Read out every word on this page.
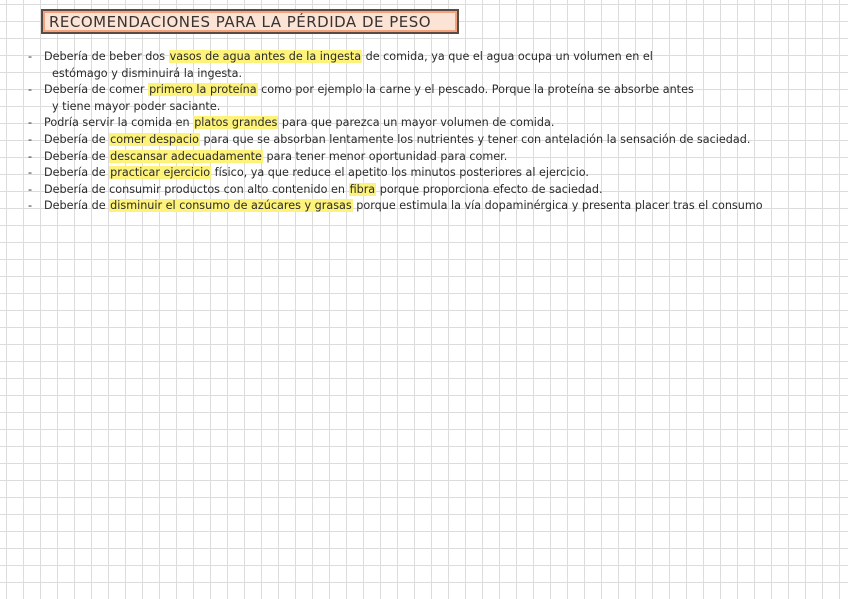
RECOMENDACIONES PARA LA PÉRDIDA DE PESO
-	Debería de beber dos vasos de agua antes de la ingesta de comida, ya que el agua ocupa un volumen en el
estómago y disminuirá la ingesta.
-	Debería de comer primero la proteína como por ejemplo la carne y el pescado. Porque la proteína se absorbe antes
y tiene mayor poder saciante.
-	Podría servir la comida en platos grandes para que parezca un mayor volumen de comida.
-	Debería de comer despacio para que se absorban lentamente los nutrientes y tener con antelación la sensación de saciedad.
-	Debería de descansar adecuadamente para tener menor oportunidad para comer.
-	Debería de practicar ejercicio físico, ya que reduce el apetito los minutos posteriores al ejercicio.
-	Debería de consumir productos con alto contenido en fibra porque proporciona efecto de saciedad.
-	Debería de disminuir el consumo de azúcares y grasas porque estimula la vía dopaminérgica y presenta placer tras el consumo
